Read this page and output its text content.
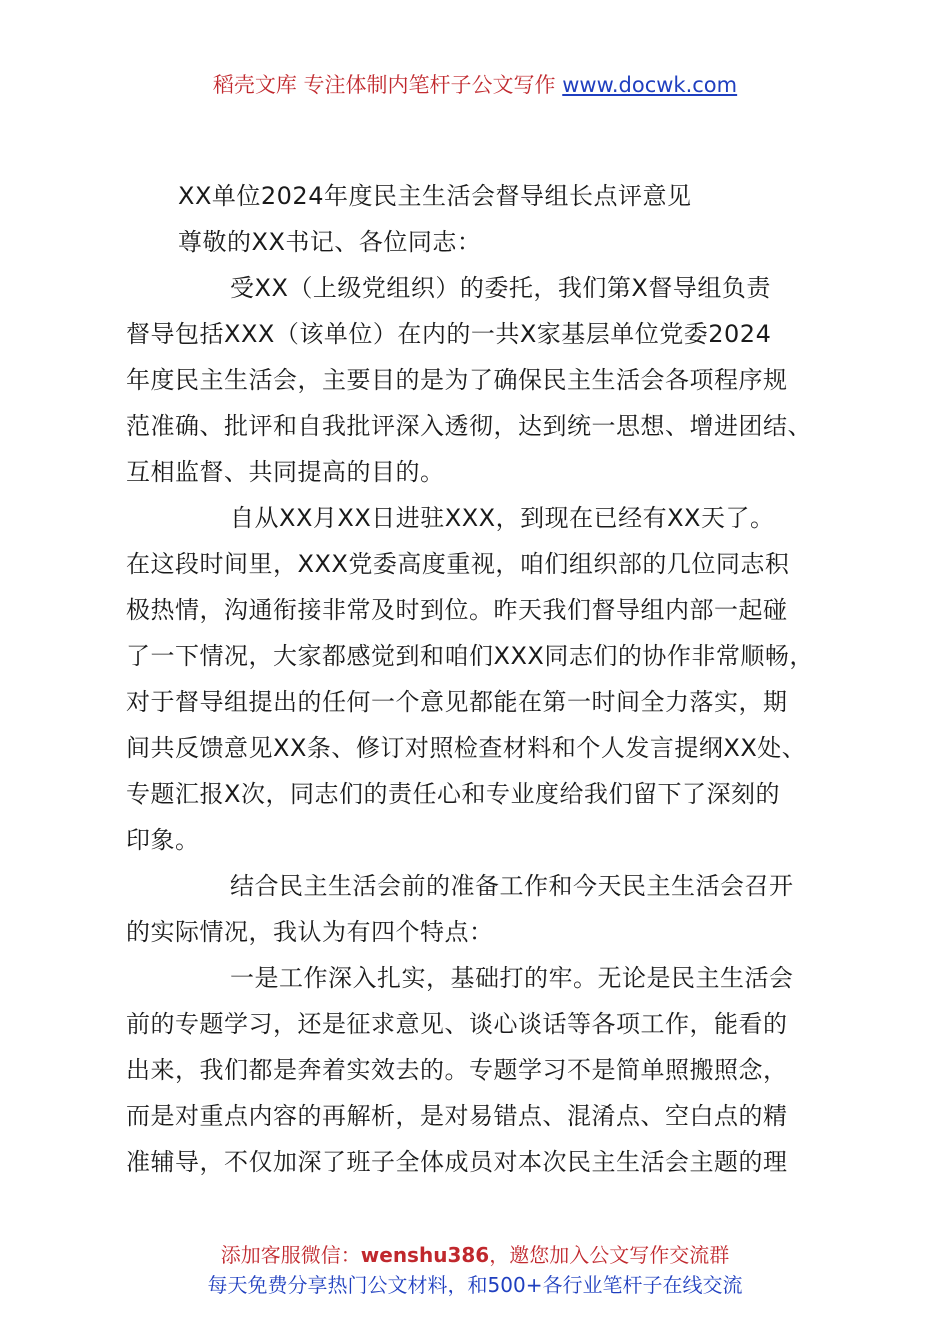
稻壳文库 专注体制内笔杆子公文写作 www.docwk.com

XX单位2024年度民主生活会督导组长点评意见

尊敬的XX书记、各位同志：

受XX（上级党组织）的委托，我们第X督导组负责
督导包括XXX（该单位）在内的一共X家基层单位党委2024
年度民主生活会，主要目的是为了确保民主生活会各项程序规
范准确、批评和自我批评深入透彻，达到统一思想、增进团结、
互相监督、共同提高的目的。

自从XX月XX日进驻XXX，到现在已经有XX天了。
在这段时间里，XXX党委高度重视，咱们组织部的几位同志积
极热情，沟通衔接非常及时到位。昨天我们督导组内部一起碰
了一下情况，大家都感觉到和咱们XXX同志们的协作非常顺畅，
对于督导组提出的任何一个意见都能在第一时间全力落实，期
间共反馈意见XX条、修订对照检查材料和个人发言提纲XX处、
专题汇报X次，同志们的责任心和专业度给我们留下了深刻的
印象。

结合民主生活会前的准备工作和今天民主生活会召开
的实际情况，我认为有四个特点：

一是工作深入扎实，基础打的牢。无论是民主生活会
前的专题学习，还是征求意见、谈心谈话等各项工作，能看的
出来，我们都是奔着实效去的。专题学习不是简单照搬照念，
而是对重点内容的再解析，是对易错点、混淆点、空白点的精
准辅导，不仅加深了班子全体成员对本次民主生活会主题的理

添加客服微信：wenshu386，邀您加入公文写作交流群
每天免费分享热门公文材料，和500+各行业笔杆子在线交流
